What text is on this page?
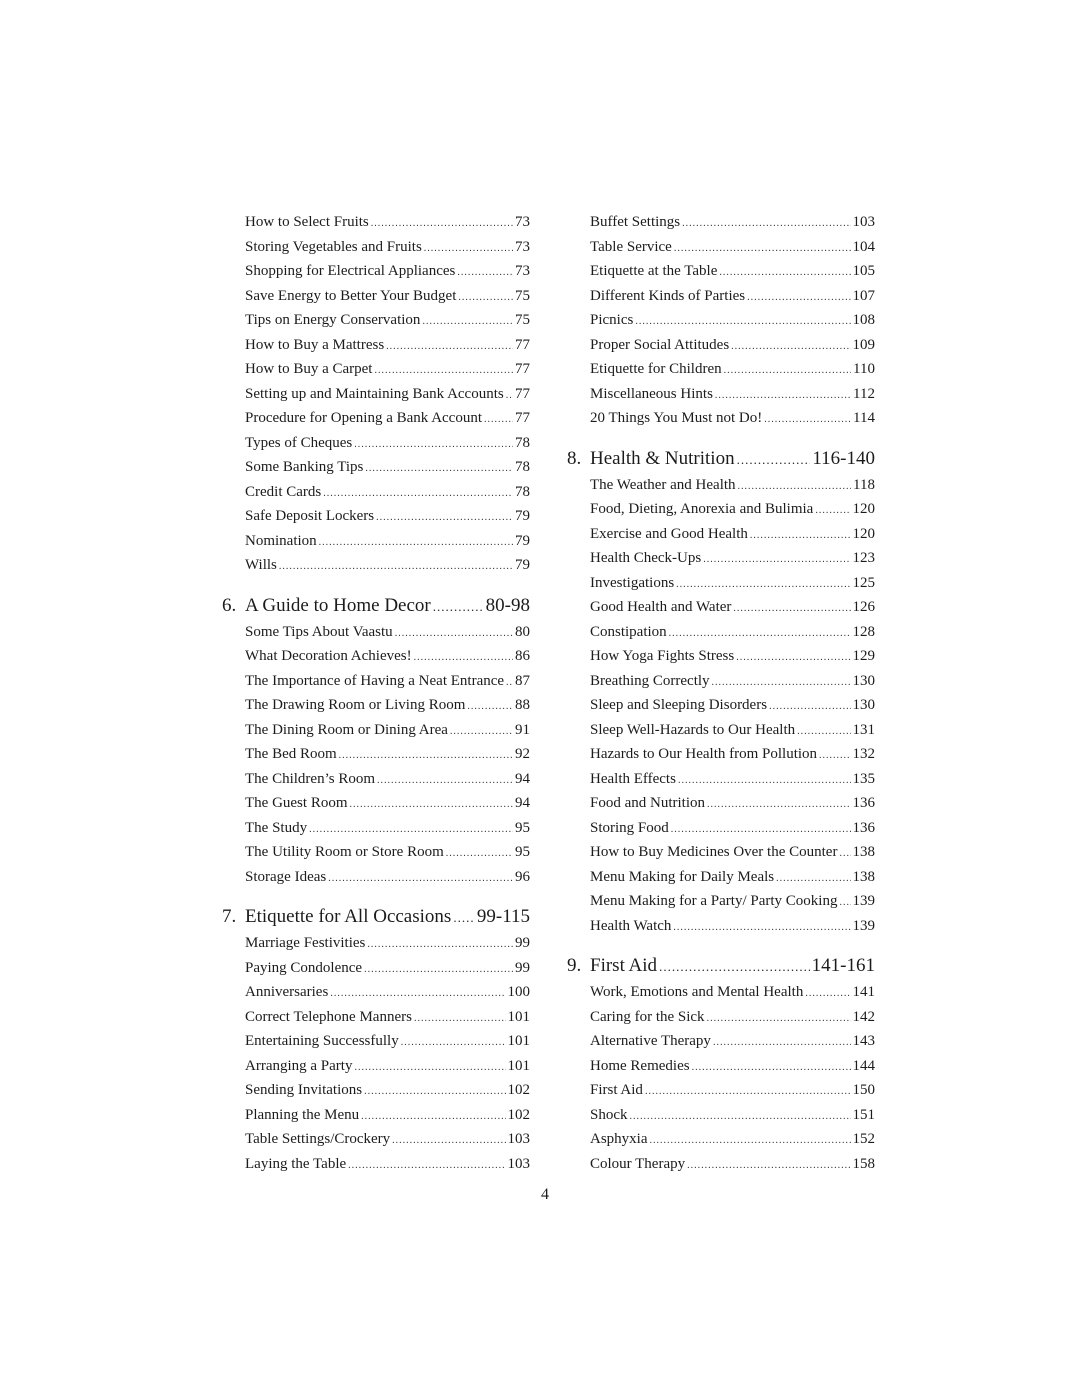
How to Select Fruits .....	73
Storing Vegetables and Fruits .....	73
Shopping for Electrical Appliances .....	73
Save Energy to Better Your Budget .....	75
Tips on Energy Conservation .....	75
How to Buy a Mattress .....	77
How to Buy a Carpet .....	77
Setting up and Maintaining Bank Accounts ..... 77
Procedure for Opening a Bank Account ..... 77
Types of Cheques .....	78
Some Banking Tips .....	78
Credit Cards .....	78
Safe Deposit Lockers .....	79
Nomination .....	79
Wills .....	79
6. A Guide to Home Decor .....	80-98
Some Tips About Vaastu .....	80
What Decoration Achieves! .....	86
The Importance of Having a Neat Entrance ..... 87
The Drawing Room or Living Room .....	88
The Dining Room or Dining Area .....	91
The Bed Room .....	92
The Children’s Room .....	94
The Guest Room .....	94
The Study .....	95
The Utility Room or Store Room .....	95
Storage Ideas .....	96
7. Etiquette for All Occasions ..... 99-115
Marriage Festivities .....	99
Paying Condolence .....	99
Anniversaries .....	100
Correct Telephone Manners .....	101
Entertaining Successfully .....	101
Arranging a Party .....	101
Sending Invitations .....	102
Planning the Menu .....	102
Table Settings/Crockery .....	103
Laying the Table .....	103
Buffet Settings .....	103
Table Service .....	104
Etiquette at the Table .....	105
Different Kinds of Parties .....	107
Picnics .....	108
Proper Social Attitudes .....	109
Etiquette for Children .....	110
Miscellaneous Hints .....	112
20 Things You Must not Do! .....	114
8. Health & Nutrition .....	116-140
The Weather and Health .....	118
Food, Dieting, Anorexia and Bulimia .....	120
Exercise and Good Health .....	120
Health Check-Ups .....	123
Investigations .....	125
Good Health and Water .....	126
Constipation .....	128
How Yoga Fights Stress .....	129
Breathing Correctly .....	130
Sleep and Sleeping Disorders .....	130
Sleep Well-Hazards to Our Health .....	131
Hazards to Our Health from Pollution ..... 132
Health Effects .....	135
Food and Nutrition .....	136
Storing Food .....	136
How to Buy Medicines Over the Counter ..... 138
Menu Making for Daily Meals .....	138
Menu Making for a Party/ Party Cooking ..... 139
Health Watch .....	139
9. First Aid .....	141-161
Work, Emotions and Mental Health .....	141
Caring for the Sick .....	142
Alternative Therapy .....	143
Home Remedies .....	144
First Aid .....	150
Shock .....	151
Asphyxia .....	152
Colour Therapy .....	158
4
